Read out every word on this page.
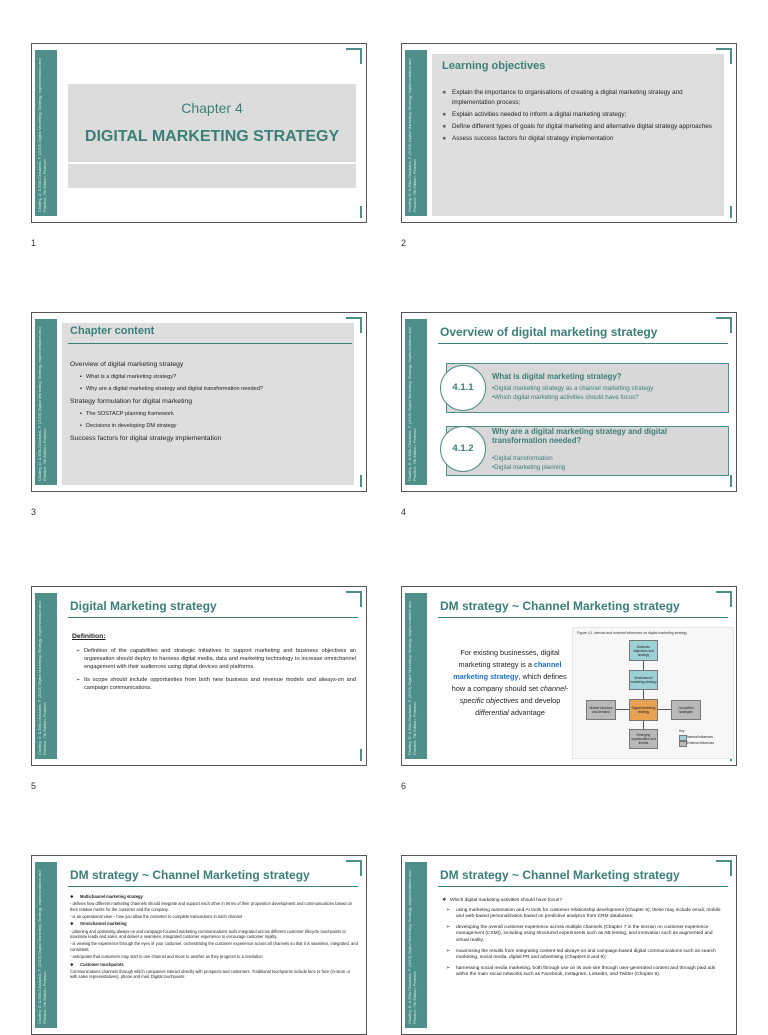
Chaffey, D. & Ellis-Chadwick, F. (2019) Digital Marketing: Strategy, Implementation and Practice, 7th Edition, Pearson
Chapter 4
DIGITAL MARKETING STRATEGY
1
Chaffey, D. & Ellis-Chadwick, F. (2019) Digital Marketing: Strategy, Implementation and Practice, 7th Edition, Pearson
Learning objectives
❖ Explain the importance to organisations of creating a digital marketing strategy and implementation process;
❖ Explain activities needed to inform a digital marketing strategy;
❖ Define different types of goals for digital marketing and alternative digital strategy approaches
❖ Assess success factors for digital strategy implementation
2
Chaffey, D. & Ellis-Chadwick, F. (2019) Digital Marketing: Strategy, Implementation and Practice, 7th Edition, Pearson
Chapter content
Overview of digital marketing strategy
▪ What is a digital marketing strategy?
▪ Why are a digital marketing strategy and digital transformation needed?
Strategy formulation for digital marketing
▪ The SOSTACP planning framework
▪ Decisions in developing DM strategy
Success factors for digital strategy implementation
3
Chaffey, D. & Ellis-Chadwick, F. (2019) Digital Marketing: Strategy, Implementation and Practice, 7th Edition, Pearson
Overview of digital marketing strategy
4.1.1
What is digital marketing strategy?
• Digital marketing strategy as a channel marketing strategy
• Which digital marketing activities should have focus?
4.1.2
Why are a digital marketing strategy and digital transformation needed?
• Digital transformation
• Digital marketing planning
4
Chaffey, D. & Ellis-Chadwick, F. (2019) Digital Marketing: Strategy, Implementation and Practice, 7th Edition, Pearson
Digital Marketing strategy
Definition:
➢ Definition of the capabilities and strategic initiatives to support marketing and business objectives an organisation should deploy to harness digital media, data and marketing technology to increase omnichannel engagement with their audiences using digital devices and platforms.
➢ Its scope should include opportunities from both new business and revenue models and always-on and campaign communications.
5
Chaffey, D. & Ellis-Chadwick, F. (2019) Digital Marketing: Strategy, Implementation and Practice, 7th Edition, Pearson
DM strategy ~ Channel Marketing strategy
For existing businesses, digital marketing strategy is a channel marketing strategy, which defines how a company should set channel-specific objectives and develop differential advantage
Figure 4.1 Internal and external influences on digital marketing strategy
Business objectives and strategy
Multichannel marketing strategy
Digital marketing strategy
Market structure and demand
Competitor strategies
Emerging opportunities and threats
Key
Internal influences
External influences
6
Chaffey, D. & Ellis-Chadwick, F. (2019) Digital Marketing: Strategy, Implementation and Practice, 7th Edition, Pearson
DM strategy ~ Channel Marketing strategy

❖ Multichannel marketing strategy

- defines how different marketing channels should integrate and support each other in terms of their proposition development and communications based on their relative merits for the customer and the company.

- is an operational view – how you allow the customer to complete transactions in each channel

❖ Omnichannel marketing

- planning and optimising always-on and campaign-focused marketing communications tools integrated across different customer lifecycle touchpoints to maximise leads and sales, and deliver a seamless, integrated customer experience to encourage customer loyalty.

- is viewing the experience through the eyes of your customer, orchestrating the customer experience across all channels so that it is seamless, integrated, and consistent.

- anticipates that customers may start in one channel and move to another as they progress to a resolution

❖ Customer touchpoints

Communications channels through which companies interact directly with prospects and customers. Traditional touchpoints include face to face (in-store or with sales representatives), phone and mail. Digital touchpoints	Chaffey, D. & Ellis-Chadwick, F. (2019) Digital Marketing: Strategy, Implementation and Practice, 7th Edition, Pearson
DM strategy ~ Channel Marketing strategy
❖ Which digital marketing activities should have focus?
➢ using marketing automation and AI tools for customer relationship development (Chapter 6); these may include email, mobile and web-based personalization based on predictive analytics from CRM databases;
➢ developing the overall customer experience across multiple channels (Chapter 7 in the section on customer experience management (CXM)), including using structured experiments such as AB testing, and innovation such as augmented and virtual reality;
➢ maximising the results from integrating content-led always-on and campaign-based digital communications such as search marketing, social media, digital PR and advertising (Chapters 8 and 9);
➢ harnessing social media marketing, both through use on its own site through user-generated content and through paid ads within the main social networks such as Facebook, Instagram, LinkedIn, and Twitter (Chapter 9).
